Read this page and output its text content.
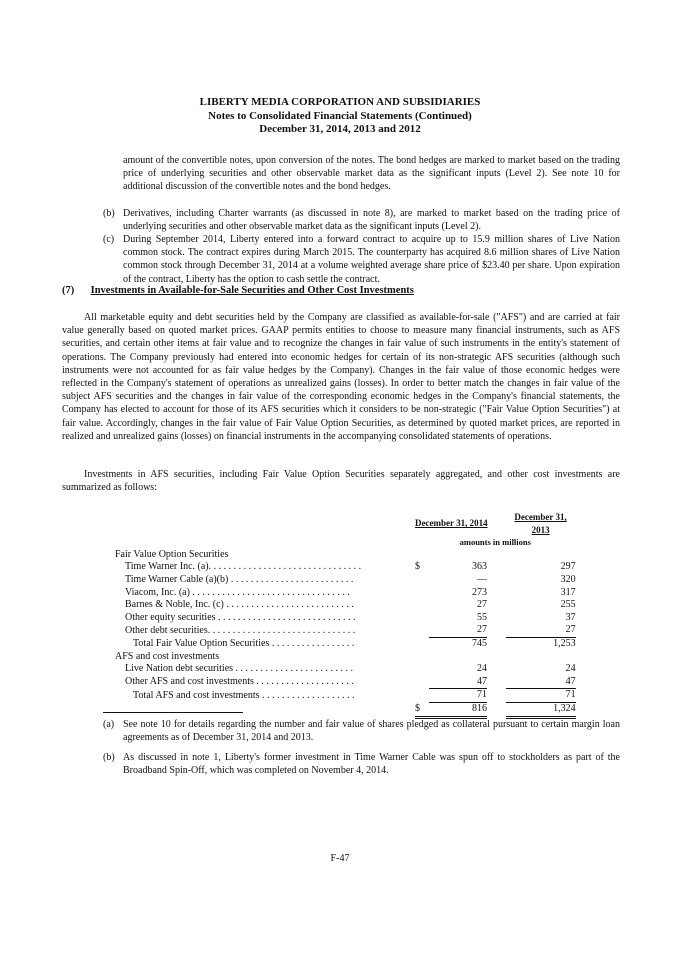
LIBERTY MEDIA CORPORATION AND SUBSIDIARIES
Notes to Consolidated Financial Statements (Continued)
December 31, 2014, 2013 and 2012
amount of the convertible notes, upon conversion of the notes. The bond hedges are marked to market based on the trading price of underlying securities and other observable market data as the significant inputs (Level 2). See note 10 for additional discussion of the convertible notes and the bond hedges.
(b) Derivatives, including Charter warrants (as discussed in note 8), are marked to market based on the trading price of underlying securities and other observable market data as the significant inputs (Level 2).
(c) During September 2014, Liberty entered into a forward contract to acquire up to 15.9 million shares of Live Nation common stock. The contract expires during March 2015. The counterparty has acquired 8.6 million shares of Live Nation common stock through December 31, 2014 at a volume weighted average share price of $23.40 per share. Upon expiration of the contract, Liberty has the option to cash settle the contract.
(7) Investments in Available-for-Sale Securities and Other Cost Investments
All marketable equity and debt securities held by the Company are classified as available-for-sale ("AFS") and are carried at fair value generally based on quoted market prices. GAAP permits entities to choose to measure many financial instruments, such as AFS securities, and certain other items at fair value and to recognize the changes in fair value of such instruments in the entity's statement of operations. The Company previously had entered into economic hedges for certain of its non-strategic AFS securities (although such instruments were not accounted for as fair value hedges by the Company). Changes in the fair value of those economic hedges were reflected in the Company's statement of operations as unrealized gains (losses). In order to better match the changes in fair value of the subject AFS securities and the changes in fair value of the corresponding economic hedges in the Company's financial statements, the Company has elected to account for those of its AFS securities which it considers to be non-strategic ("Fair Value Option Securities") at fair value. Accordingly, changes in the fair value of Fair Value Option Securities, as determined by quoted market prices, are reported in realized and unrealized gains (losses) on financial instruments in the accompanying consolidated statements of operations.
Investments in AFS securities, including Fair Value Option Securities separately aggregated, and other cost investments are summarized as follows:
	December 31, 2014			December 31, 2013
	amounts in millions			
Fair Value Option Securities				
Time Warner Inc. (a). . . . . . . . . . . . . . . . . . . . . . . . . . . . . . .	$	363			297
Time Warner Cable (a)(b) . . . . . . . . . . . . . . . . . . . . . . . . .		—			320
Viacom, Inc. (a) . . . . . . . . . . . . . . . . . . . . . . . . . . . . . . . .		273			317
Barnes & Noble, Inc. (c) . . . . . . . . . . . . . . . . . . . . . . . . . .		27			255
Other equity securities . . . . . . . . . . . . . . . . . . . . . . . . . . . .		55			37
Other debt securities. . . . . . . . . . . . . . . . . . . . . . . . . . . . . .		27			27
Total Fair Value Option Securities . . . . . . . . . . . . . . . . .		745			1,253
AFS and cost investments				
Live Nation debt securities . . . . . . . . . . . . . . . . . . . . . . . .		24			24
Other AFS and cost investments . . . . . . . . . . . . . . . . . . . .		47			47
Total AFS and cost investments . . . . . . . . . . . . . . . . . . .		71			71
	$	816			1,324
(a) See note 10 for details regarding the number and fair value of shares pledged as collateral pursuant to certain margin loan agreements as of December 31, 2014 and 2013.
(b) As discussed in note 1, Liberty's former investment in Time Warner Cable was spun off to stockholders as part of the Broadband Spin-Off, which was completed on November 4, 2014.
F-47
